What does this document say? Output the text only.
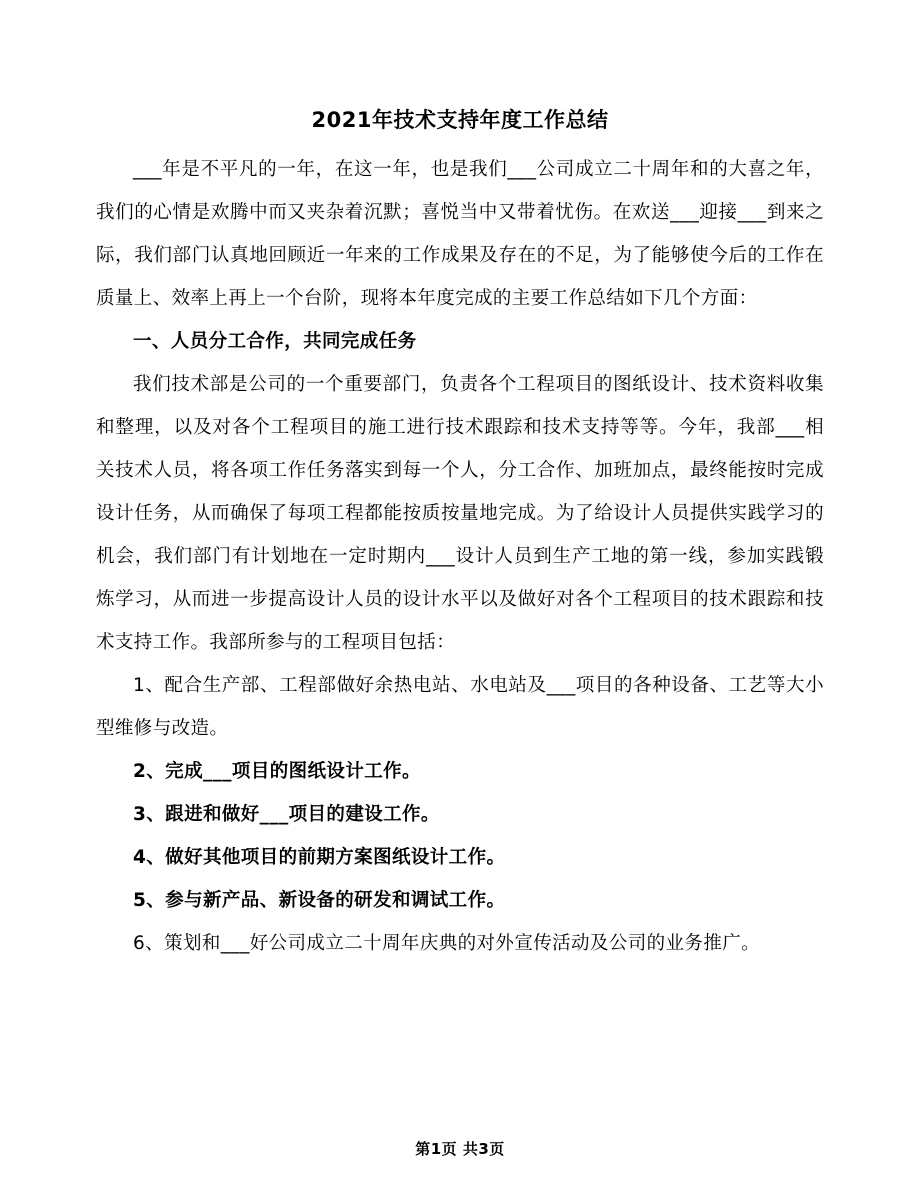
2021年技术支持年度工作总结

___年是不平凡的一年，在这一年，也是我们___公司成立二十周年和的大喜之年，我们的心情是欢腾中而又夹杂着沉默；喜悦当中又带着忧伤。在欢送___迎接___到来之际，我们部门认真地回顾近一年来的工作成果及存在的不足，为了能够使今后的工作在质量上、效率上再上一个台阶，现将本年度完成的主要工作总结如下几个方面：

一、人员分工合作，共同完成任务

我们技术部是公司的一个重要部门，负责各个工程项目的图纸设计、技术资料收集和整理，以及对各个工程项目的施工进行技术跟踪和技术支持等等。今年，我部___相关技术人员，将各项工作任务落实到每一个人，分工合作、加班加点，最终能按时完成设计任务，从而确保了每项工程都能按质按量地完成。为了给设计人员提供实践学习的机会，我们部门有计划地在一定时期内___设计人员到生产工地的第一线，参加实践锻炼学习，从而进一步提高设计人员的设计水平以及做好对各个工程项目的技术跟踪和技术支持工作。我部所参与的工程项目包括：

1、配合生产部、工程部做好余热电站、水电站及___项目的各种设备、工艺等大小型维修与改造。

2、完成___项目的图纸设计工作。

3、跟进和做好___项目的建设工作。

4、做好其他项目的前期方案图纸设计工作。

5、参与新产品、新设备的研发和调试工作。

6、策划和___好公司成立二十周年庆典的对外宣传活动及公司的业务推广。

第1页 共3页
